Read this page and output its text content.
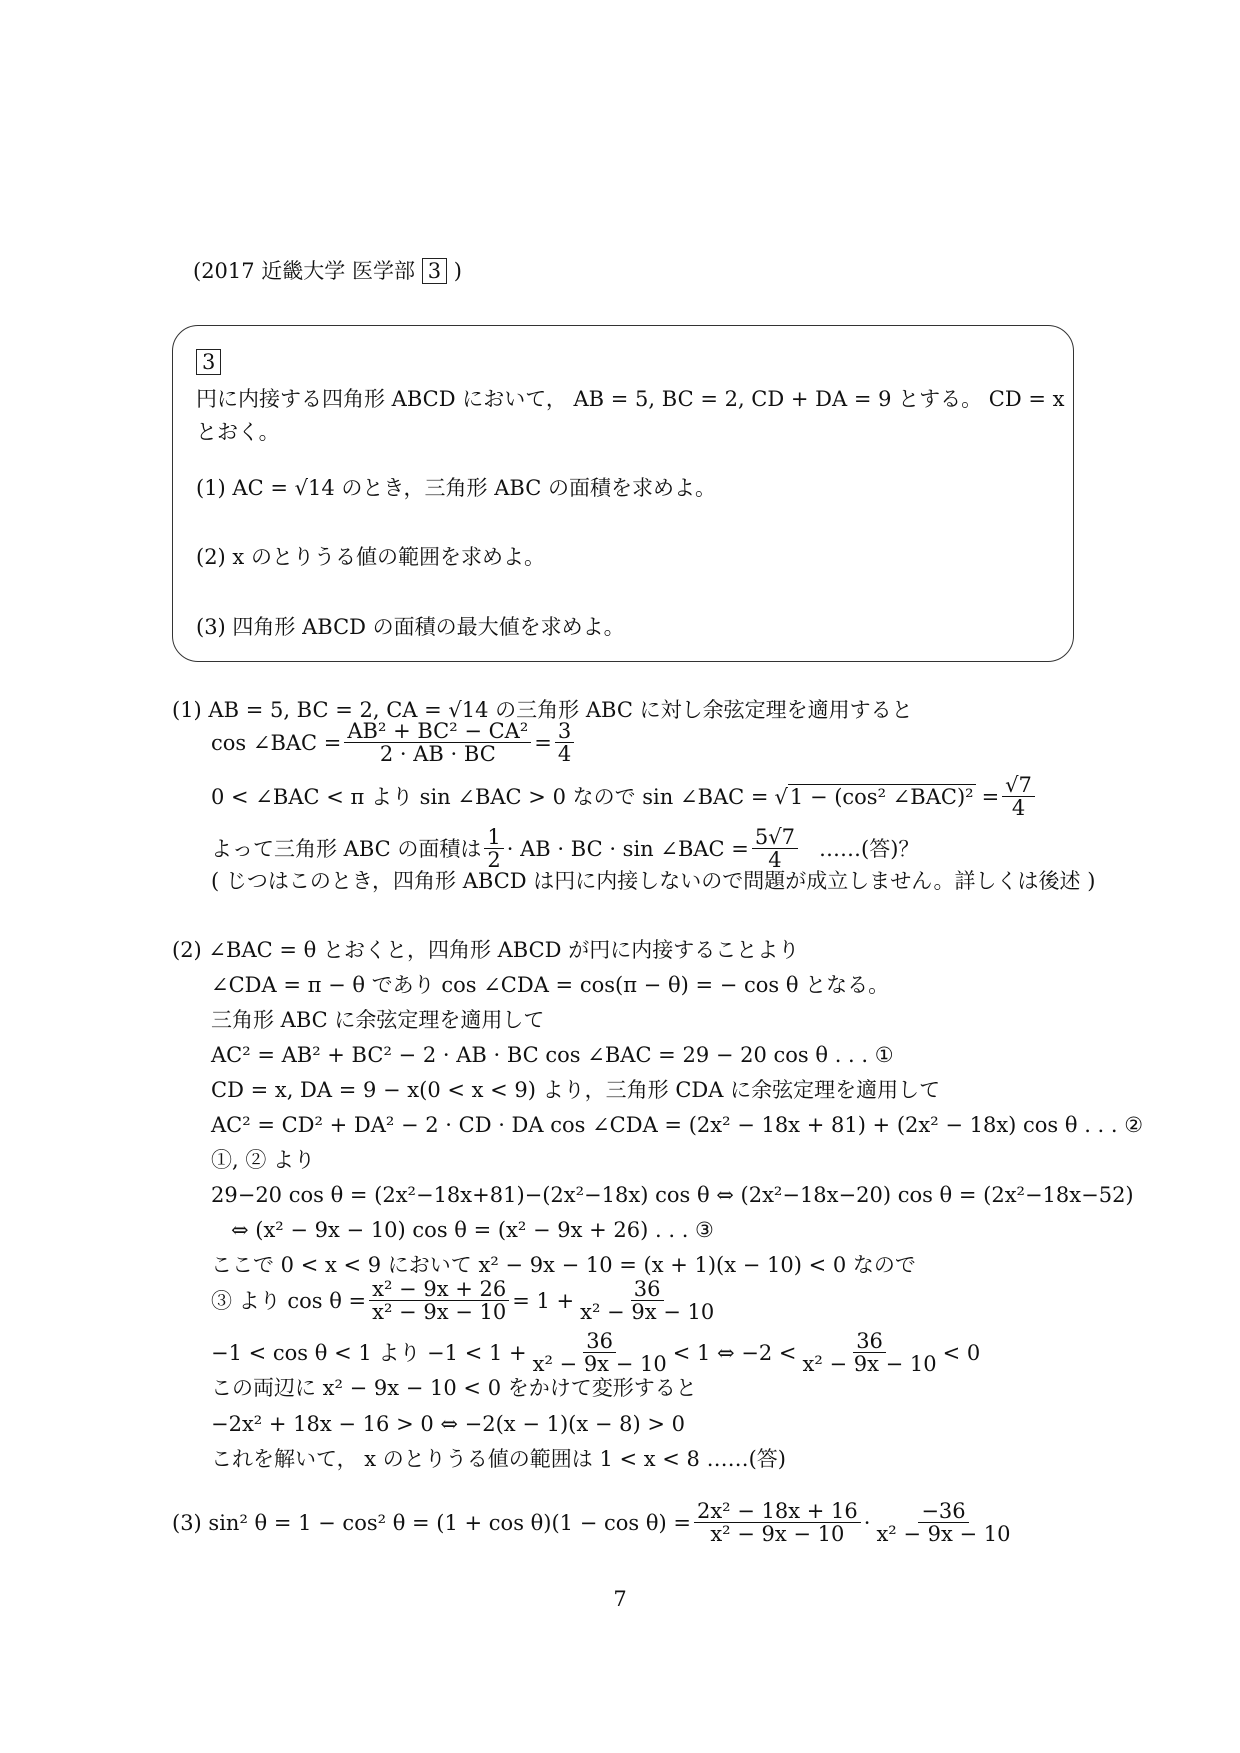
(2017 近畿大学 医学部 3 )
3
円に内接する四角形 ABCD において， AB = 5, BC = 2, CD + DA = 9 とする。 CD = x
とおく。
(1) AC = √14 のとき，三角形 ABC の面積を求めよ。
(2) x のとりうる値の範囲を求めよ。
(3) 四角形 ABCD の面積の最大値を求めよ。
(1) AB = 5, BC = 2, CA = √14 の三角形 ABC に対し余弦定理を適用すると
cos ∠BAC = $\frac{\text{AB² + BC² − CA²}}{2 \cdot AB \cdot BC} = \frac{3}{4}$
0 < ∠BAC < π より sin ∠BAC > 0 なので sin ∠BAC = √ 1 − (cos² ∠BAC)² = $\frac{√7}{4}$
よって三角形 ABC の面積は $\frac{1}{2}$ · AB · BC · sin ∠BAC = $\frac{5√7}{4}$ ……(答)？
( じつはこのとき，四角形 ABCD は円に内接しないので問題が成立しません。詳しくは後述 )
(2) ∠BAC = θ とおくと，四角形 ABCD が円に内接することより
∠CDA = π − θ であり cos ∠CDA = cos(π − θ) = − cos θ となる。
三角形 ABC に余弦定理を適用して
AC² = AB² + BC² − 2 · AB · BC cos ∠BAC = 29 − 20 cos θ . . . ①
CD = x, DA = 9 − x(0 < x < 9) より，三角形 CDA に余弦定理を適用して
AC² = CD² + DA² − 2 · CD · DA cos ∠CDA = (2x² − 18x + 81) + (2x² − 18x) cos θ . . . ②
①, ② より
29−20 cos θ = (2x²−18x+81)−(2x²−18x) cos θ ⇔ (2x²−18x−20) cos θ = (2x²−18x−52)
⇔ (x² − 9x − 10) cos θ = (x² − 9x + 26) . . . ③
ここで 0 < x < 9 において x² − 9x − 10 = (x + 1)(x − 10) < 0 なので
③ より $\cos \theta = \frac{\text{x² − 9x + 26}}{\text{x² − 9x − 10}} = 1 + \frac{36}{\text{x² − 9x − 10}}$
−1 < cos θ < 1 より $-1 < 1 + \frac{36}{\text{x² − 9x − 10}} < 1$ ⇔ $-2 < \frac{36}{\text{x² − 9x − 10}} < 0$
この両辺に x² − 9x − 10 < 0 をかけて変形すると
−2x² + 18x − 16 > 0 ⇔ −2(x − 1)(x − 8) > 0
これを解いて， x のとりうる値の範囲は 1 < x < 8 ……(答)
(3) sin² θ = 1 − cos² $\theta = (1 + \cos \theta)(1 - \cos \theta) = \frac{\text{2x² − 18x + 16}}{\text{x² − 9x − 10}} \cdot \frac{-36}{\text{x² − 9x − 10}}$
7
